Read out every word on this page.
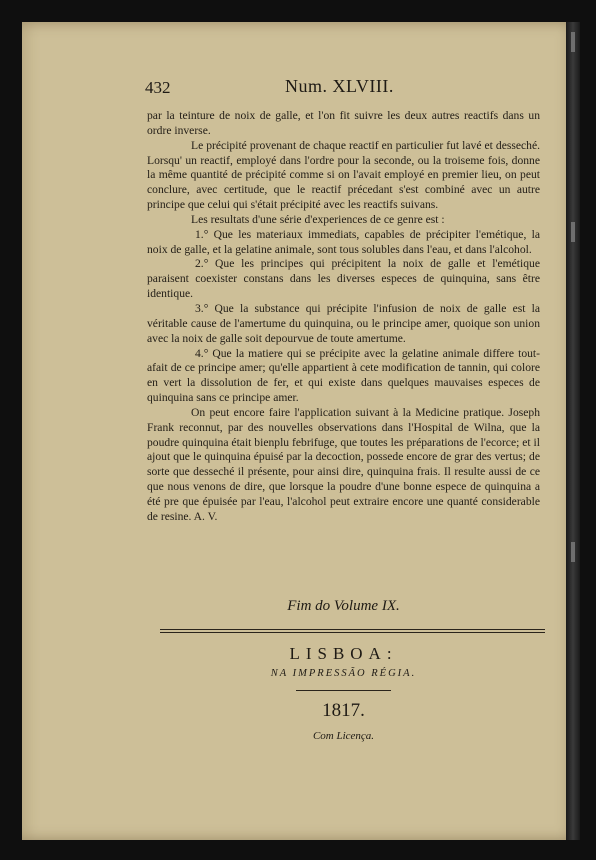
432	Num. XLVIII.

par la teinture de noix de galle, et l'on fit suivre les deux autres reactifs dans un ordre inverse.

Le précipité provenant de chaque reactif en particulier fut lavé et desseché. Lorsqu' un reactif, employé dans l'ordre pour la seconde, ou la troiseme fois, donne la même quantité de précipité comme si on l'avait employé en premier lieu, on peut conclure, avec certitude, que le reactif précedant s'est combiné avec un autre principe que celui qui s'était précipité avec les reactifs suivans.

Les resultats d'une série d'experiences de ce genre est :

1.° Que les materiaux immediats, capables de précipiter l'emétique, la noix de galle, et la gelatine animale, sont tous solubles dans l'eau, et dans l'alcohol.

2.° Que les principes qui précipitent la noix de galle et l'emétique paraisent coexister constans dans les diverses especes de quinquina, sans être identique.

3.° Que la substance qui précipite l'infusion de noix de galle est la véritable cause de l'amertume du quinquina, ou le principe amer, quoique son union avec la noix de galle soit depourvue de toute amertume.

4.° Que la matiere qui se précipite avec la gelatine animale differe tout-afait de ce principe amer; qu'elle appartient à cete modification de tannin, qui colore en vert la dissolution de fer, et qui existe dans quelques mauvaises especes de quinquina sans ce principe amer.

On peut encore faire l'application suivant à la Medicine pratique. Joseph Frank reconnut, par des nouvelles observations dans l'Hospital de Wilna, que la poudre quinquina était bienplu febrifuge, que toutes les préparations de l'ecorce; et il ajout que le quinquina épuisé par la decoction, possede encore de grar des vertus; de sorte que desseché il présente, pour ainsi dire, quinquina frais. Il resulte aussi de ce que nous venons de dire, que lorsque la poudre d'une bonne espece de quinquina a été pre que épuisée par l'eau, l'alcohol peut extraire encore une quanté considerable de resine. A. V.

Fim do Volume IX.
LISBOA:
NA IMPRESSÃO RÉGIA.
1817.
Com Licença.
